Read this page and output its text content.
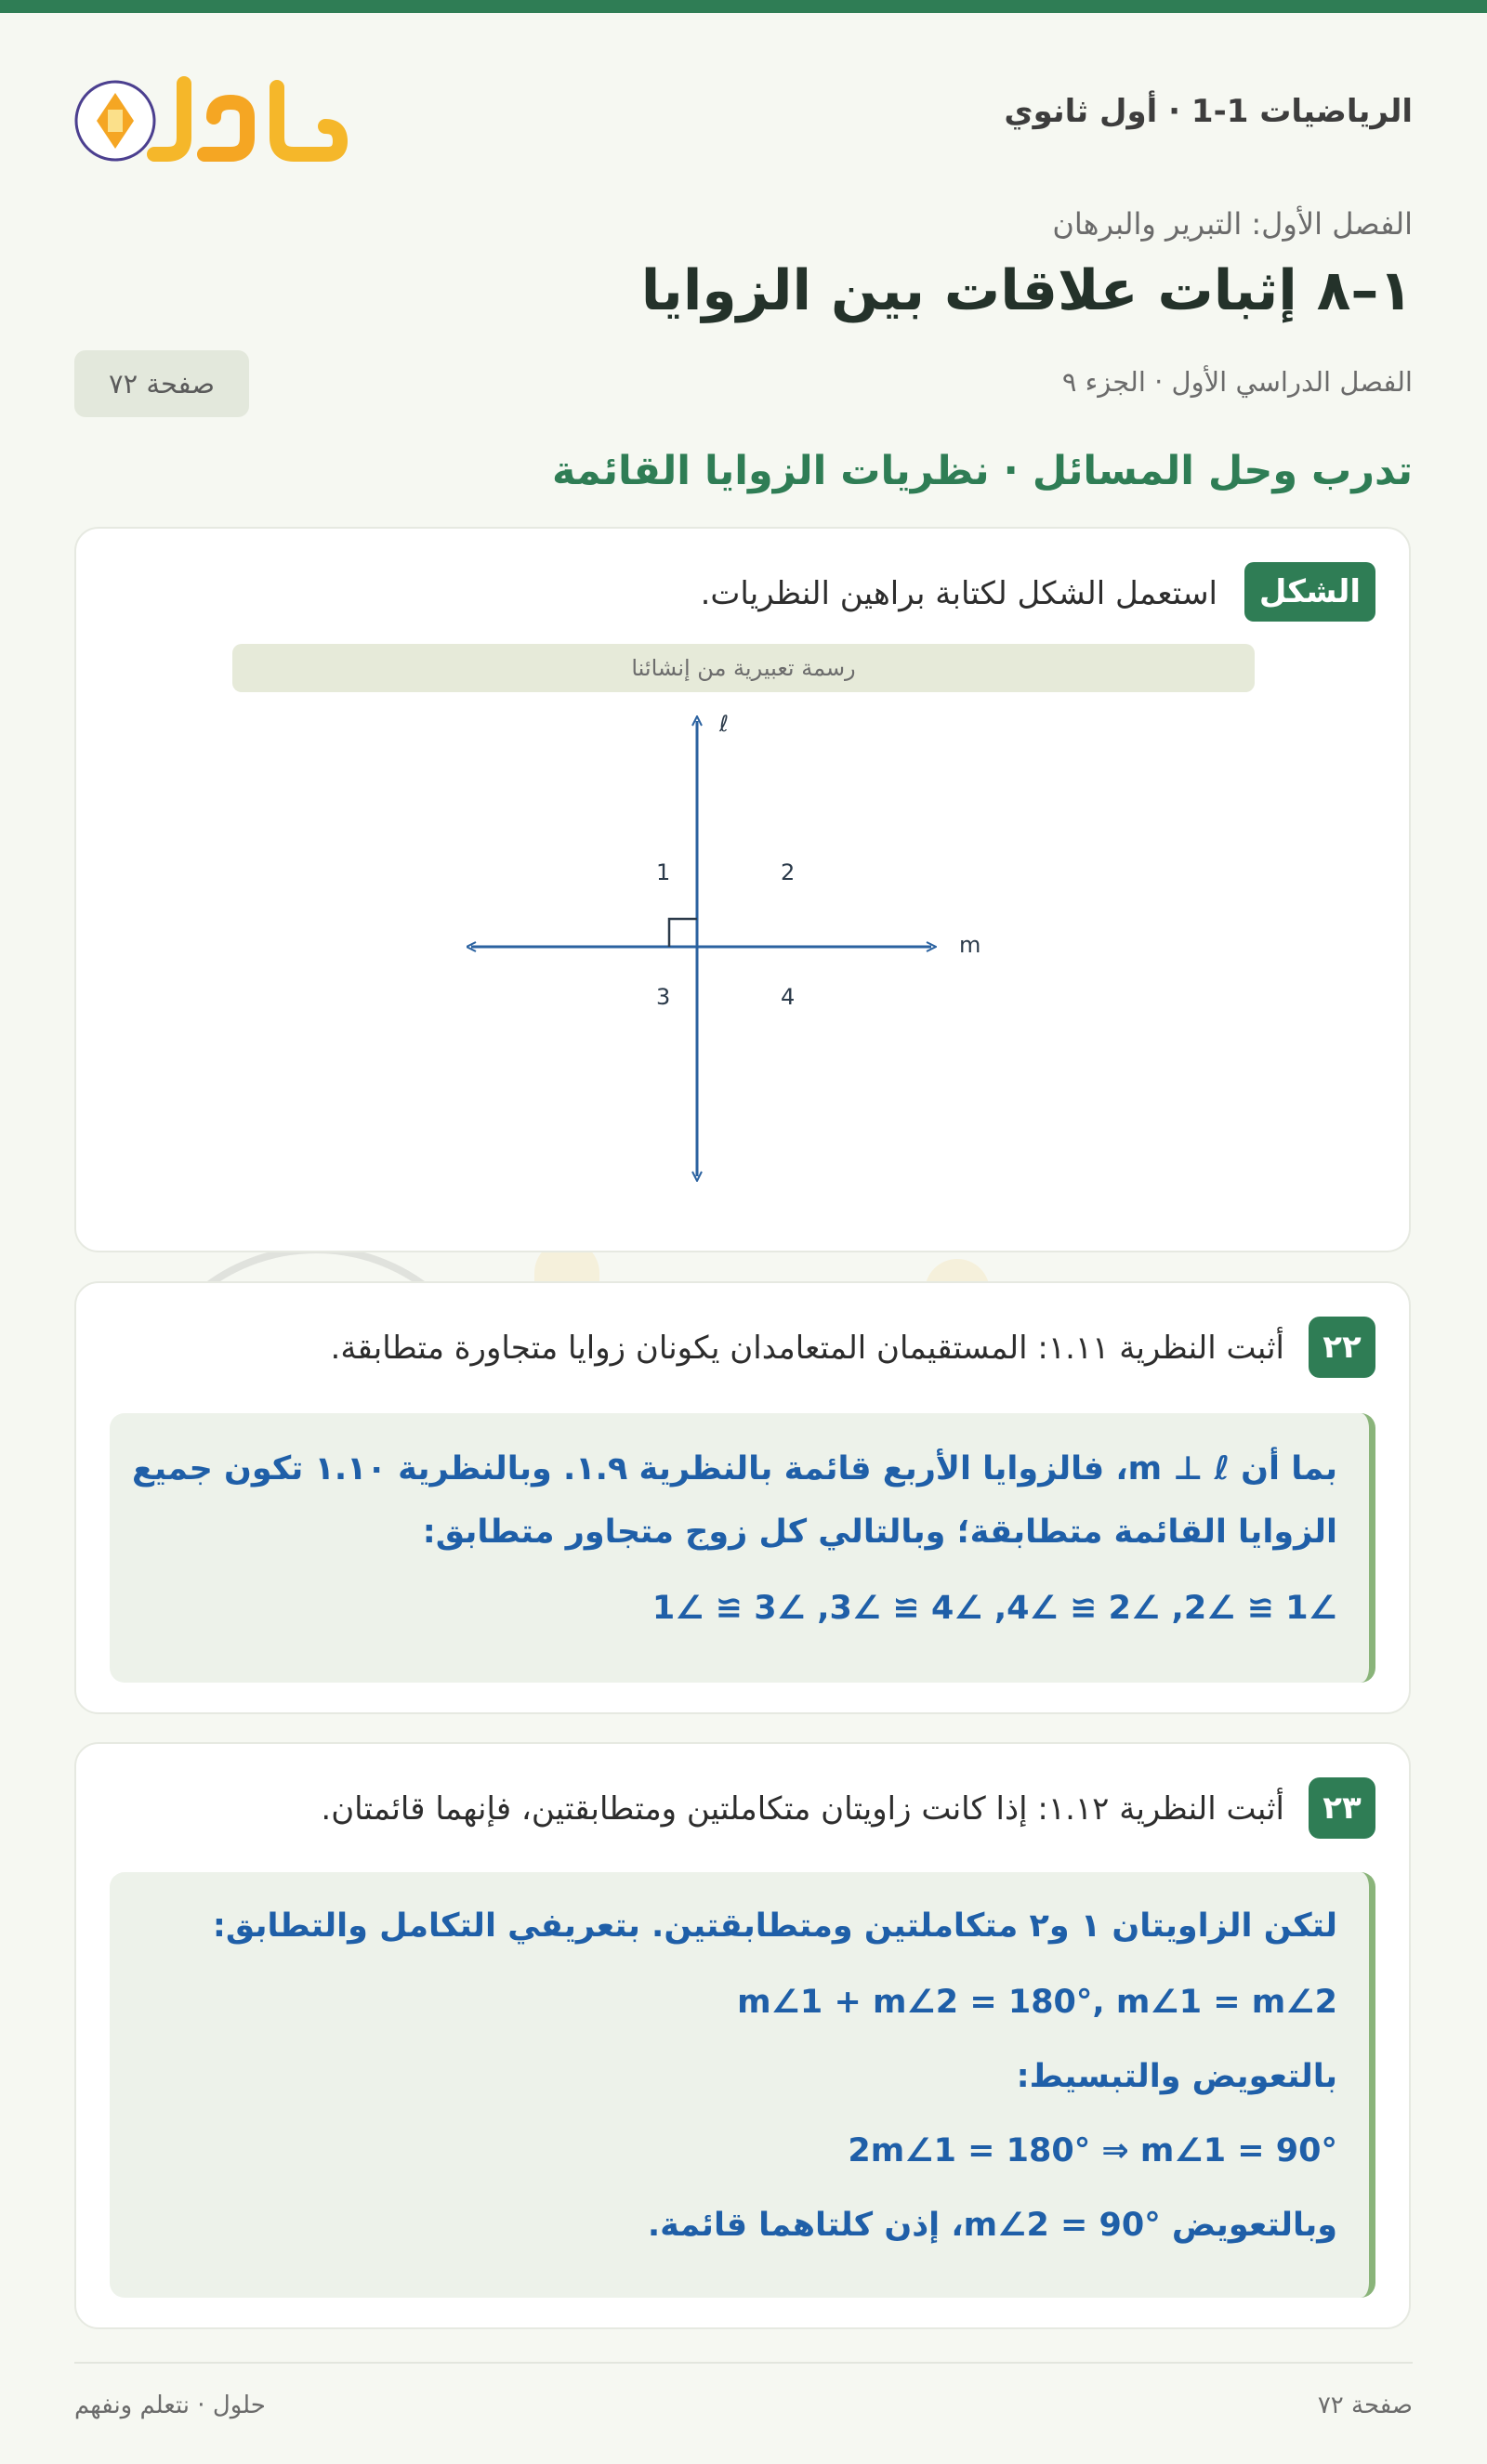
الرياضيات 1-1 · أول ثانوي
الفصل الأول: التبرير والبرهان
١–٨ إثبات علاقات بين الزوايا
الفصل الدراسي الأول · الجزء ٩
صفحة ٧٢
تدرب وحل المسائل · نظريات الزوايا القائمة
الشكل
استعمل الشكل لكتابة براهين النظريات.
رسمة تعبيرية من إنشائنا
ℓ
m
1	2
3	4
٢٢
أثبت النظرية ١.١١: المستقيمان المتعامدان يكونان زوايا متجاورة متطابقة.
بما أن m ⊥ ℓ، فالزوايا الأربع قائمة بالنظرية ١.٩. وبالنظرية ١.١٠ تكون جميع
الزوايا القائمة متطابقة؛ وبالتالي كل زوج متجاور متطابق:
∠1 ≅ ∠2, ∠2 ≅ ∠4, ∠4 ≅ ∠3, ∠3 ≅ ∠1
٢٣
أثبت النظرية ١.١٢: إذا كانت زاويتان متكاملتين ومتطابقتين، فإنهما قائمتان.
لتكن الزاويتان ١ و٢ متكاملتين ومتطابقتين. بتعريفي التكامل والتطابق:
m∠1 + m∠2 = 180°, m∠1 = m∠2
بالتعويض والتبسيط:
2m∠1 = 180° ⇒ m∠1 = 90°
وبالتعويض m∠2 = 90°، إذن كلتاهما قائمة.
صفحة ٧٢
حلول · نتعلم ونفهم
